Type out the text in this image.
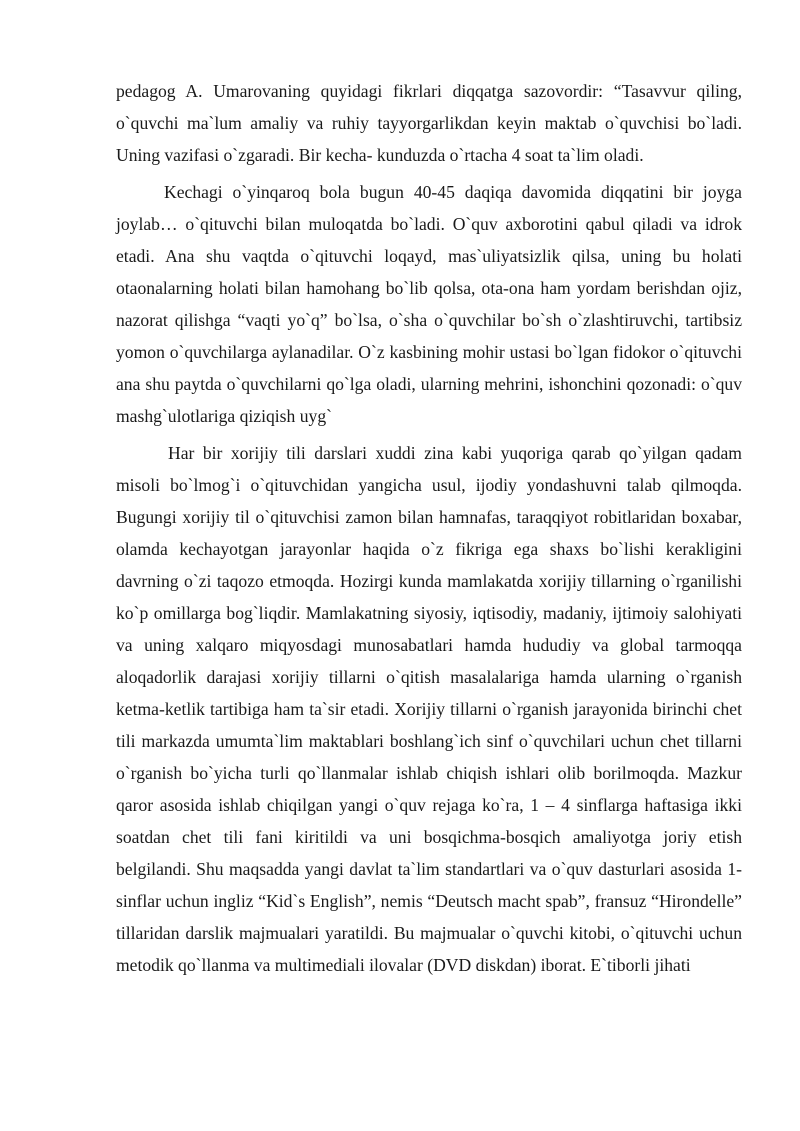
pedagog A. Umarovaning quyidagi fikrlari diqqatga sazovordir: “Tasavvur qiling, o`quvchi ma`lum amaliy va ruhiy tayyorgarlikdan keyin maktab o`quvchisi bo`ladi. Uning vazifasi o`zgaradi. Bir kecha- kunduzda o`rtacha 4 soat ta`lim oladi.

Kechagi o`yinqaroq bola bugun 40-45 daqiqa davomida diqqatini bir joyga joylab… o`qituvchi bilan muloqatda bo`ladi. O`quv axborotini qabul qiladi va idrok etadi. Ana shu vaqtda o`qituvchi loqayd, mas`uliyatsizlik qilsa, uning bu holati otaonalarning holati bilan hamohang bo`lib qolsa, ota-ona ham yordam berishdan ojiz, nazorat qilishga “vaqti yo`q” bo`lsa, o`sha o`quvchilar bo`sh o`zlashtiruvchi, tartibsiz yomon o`quvchilarga aylanadilar. O`z kasbining mohir ustasi bo`lgan fidokor o`qituvchi ana shu paytda o`quvchilarni qo`lga oladi, ularning mehrini, ishonchini qozonadi: o`quv mashg`ulotlariga qiziqish uyg`

Har bir xorijiy tili darslari xuddi zina kabi yuqoriga qarab qo`yilgan qadam misoli bo`lmog`i o`qituvchidan yangicha usul, ijodiy yondashuvni talab qilmoqda. Bugungi xorijiy til o`qituvchisi zamon bilan hamnafas, taraqqiyot robitlaridan boxabar, olamda kechayotgan jarayonlar haqida o`z fikriga ega shaxs bo`lishi kerakligini davrning o`zi taqozo etmoqda. Hozirgi kunda mamlakatda xorijiy tillarning o`rganilishi ko`p omillarga bog`liqdir. Mamlakatning siyosiy, iqtisodiy, madaniy, ijtimoiy salohiyati va uning xalqaro miqyosdagi munosabatlari hamda hududiy va global tarmoqqa aloqadorlik darajasi xorijiy tillarni o`qitish masalalariga hamda ularning o`rganish ketma-ketlik tartibiga ham ta`sir etadi. Xorijiy tillarni o`rganish jarayonida birinchi chet tili markazda umumta`lim maktablari boshlang`ich sinf o`quvchilari uchun chet tillarni o`rganish bo`yicha turli qo`llanmalar ishlab chiqish ishlari olib borilmoqda. Mazkur qaror asosida ishlab chiqilgan yangi o`quv rejaga ko`ra, 1 – 4 sinflarga haftasiga ikki soatdan chet tili fani kiritildi va uni bosqichma-bosqich amaliyotga joriy etish belgilandi. Shu maqsadda yangi davlat ta`lim standartlari va o`quv dasturlari asosida 1-sinflar uchun ingliz “Kid`s English”, nemis “Deutsch macht spab”, fransuz “Hirondelle” tillaridan darslik majmualari yaratildi. Bu majmualar o`quvchi kitobi, o`qituvchi uchun metodik qo`llanma va multimediali ilovalar (DVD diskdan) iborat. E`tiborli jihati
